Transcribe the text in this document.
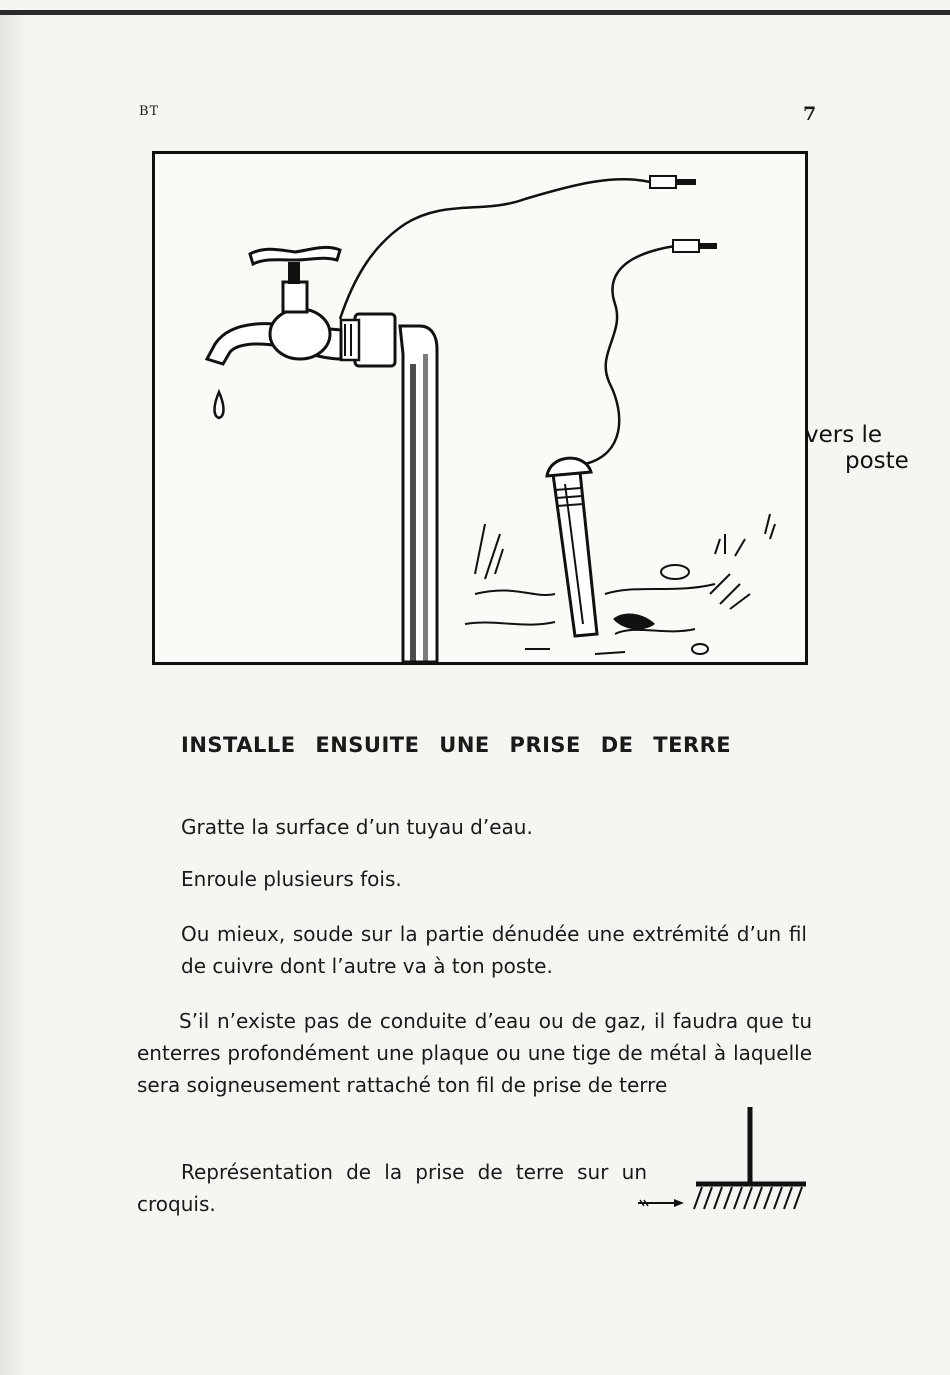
BT	7
vers le
poste
INSTALLE ENSUITE UNE PRISE DE TERRE

Gratte la surface d’un tuyau d’eau.

Enroule plusieurs fois.

Ou mieux, soude sur la partie dénudée une extrémité d’un fil de cuivre dont l’autre va à ton poste.

S’il n’existe pas de conduite d’eau ou de gaz, il faudra que tu enterres profondément une plaque ou une tige de métal à laquelle sera soigneusement rattaché ton fil de prise de terre

Représentation de la prise de terre sur un croquis.
